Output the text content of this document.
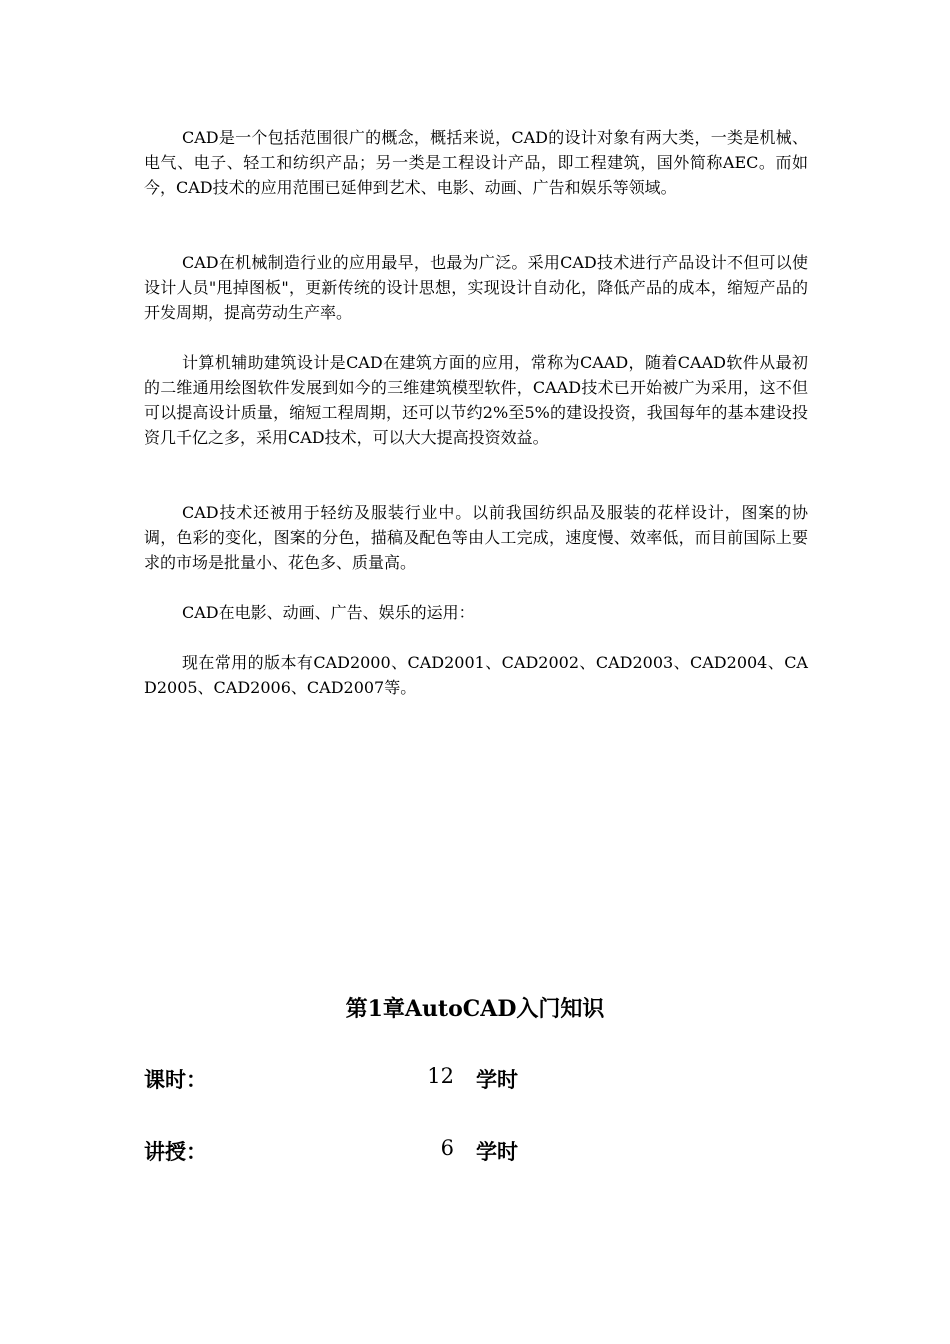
CAD是一个包括范围很广的概念，概括来说，CAD的设计对象有两大类，一类是机械、电气、电子、轻工和纺织产品；另一类是工程设计产品，即工程建筑，国外简称AEC。而如今，CAD技术的应用范围已延伸到艺术、电影、动画、广告和娱乐等领域。

CAD在机械制造行业的应用最早，也最为广泛。采用CAD技术进行产品设计不但可以使设计人员"甩掉图板"，更新传统的设计思想，实现设计自动化，降低产品的成本，缩短产品的开发周期，提高劳动生产率。

计算机辅助建筑设计是CAD在建筑方面的应用，常称为CAAD，随着CAAD软件从最初的二维通用绘图软件发展到如今的三维建筑模型软件，CAAD技术已开始被广为采用，这不但可以提高设计质量，缩短工程周期，还可以节约2%至5%的建设投资，我国每年的基本建设投资几千亿之多，采用CAD技术，可以大大提高投资效益。

CAD技术还被用于轻纺及服装行业中。以前我国纺织品及服装的花样设计，图案的协调，色彩的变化，图案的分色，描稿及配色等由人工完成，速度慢、效率低，而目前国际上要求的市场是批量小、花色多、质量高。

CAD在电影、动画、广告、娱乐的运用：

现在常用的版本有CAD2000、CAD2001、CAD2002、CAD2003、CAD2004、CAD2005、CAD2006、CAD2007等。

第1章AutoCAD入门知识
课时：	12 学时
讲授：	6 学时
